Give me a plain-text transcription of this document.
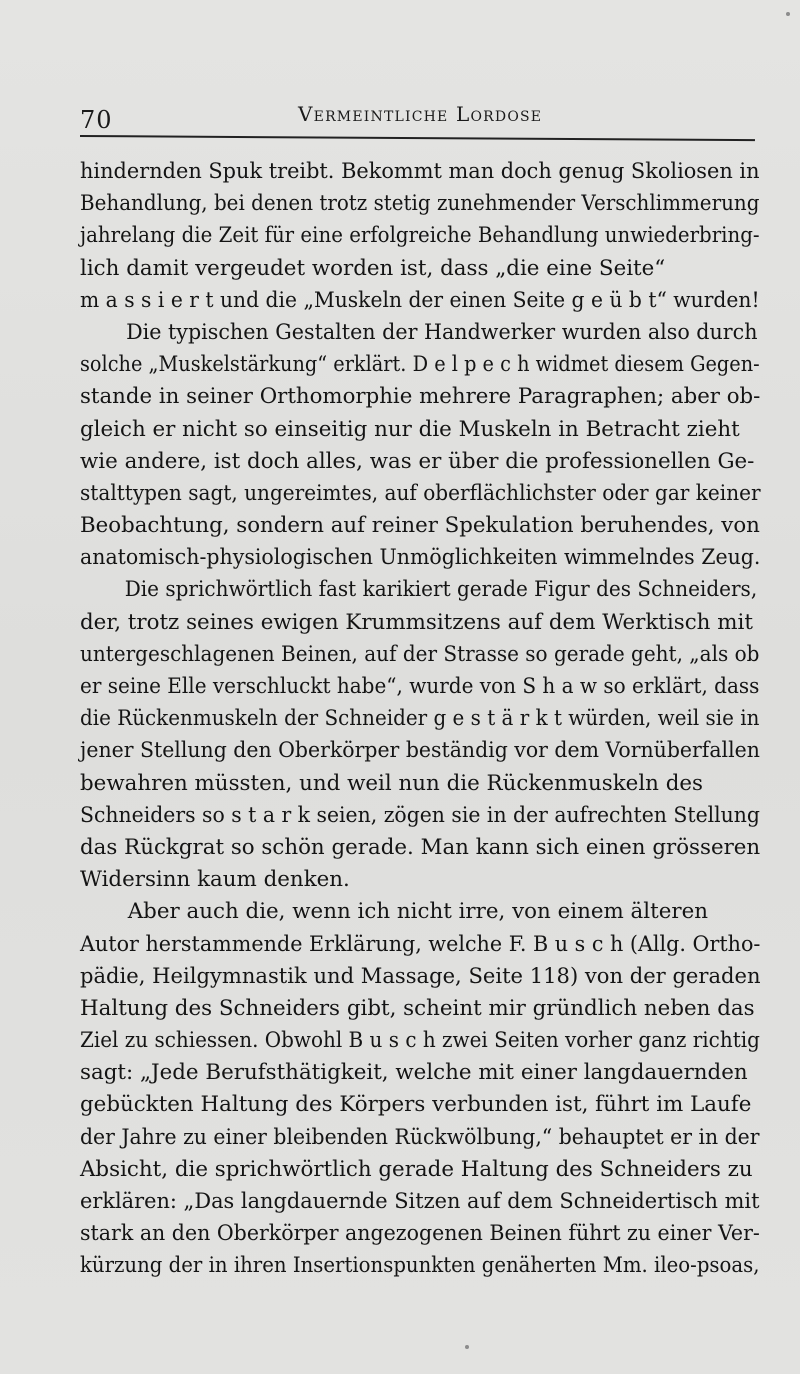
70	Vermeintliche Lordose
hindernden Spuk treibt. Bekommt man doch genug Skoliosen in
Behandlung, bei denen trotz stetig zunehmender Verschlimmerung
jahrelang die Zeit für eine erfolgreiche Behandlung unwiederbring-
lich damit vergeudet worden ist, dass „die eine Seite“
m a s s i e r t und die „Muskeln der einen Seite g e ü b t“ wurden!
Die typischen Gestalten der Handwerker wurden also durch
solche „Muskelstärkung“ erklärt. D e l p e c h widmet diesem Gegen-
stande in seiner Orthomorphie mehrere Paragraphen; aber ob-
gleich er nicht so einseitig nur die Muskeln in Betracht zieht
wie andere, ist doch alles, was er über die professionellen Ge-
stalttypen sagt, ungereimtes, auf oberflächlichster oder gar keiner
Beobachtung, sondern auf reiner Spekulation beruhendes, von
anatomisch-physiologischen Unmöglichkeiten wimmelndes Zeug.
Die sprichwörtlich fast karikiert gerade Figur des Schneiders,
der, trotz seines ewigen Krummsitzens auf dem Werktisch mit
untergeschlagenen Beinen, auf der Strasse so gerade geht, „als ob
er seine Elle verschluckt habe“, wurde von S h a w so erklärt, dass
die Rückenmuskeln der Schneider g e s t ä r k t würden, weil sie in
jener Stellung den Oberkörper beständig vor dem Vornüberfallen
bewahren müssten, und weil nun die Rückenmuskeln des
Schneiders so s t a r k seien, zögen sie in der aufrechten Stellung
das Rückgrat so schön gerade. Man kann sich einen grösseren
Widersinn kaum denken.
Aber auch die, wenn ich nicht irre, von einem älteren
Autor herstammende Erklärung, welche F. B u s c h (Allg. Ortho-
pädie, Heilgymnastik und Massage, Seite 118) von der geraden
Haltung des Schneiders gibt, scheint mir gründlich neben das
Ziel zu schiessen. Obwohl B u s c h zwei Seiten vorher ganz richtig
sagt: „Jede Berufsthätigkeit, welche mit einer langdauernden
gebückten Haltung des Körpers verbunden ist, führt im Laufe
der Jahre zu einer bleibenden Rückwölbung,“ behauptet er in der
Absicht, die sprichwörtlich gerade Haltung des Schneiders zu
erklären: „Das langdauernde Sitzen auf dem Schneidertisch mit
stark an den Oberkörper angezogenen Beinen führt zu einer Ver-
kürzung der in ihren Insertionspunkten genäherten Mm. ileo-psoas,
